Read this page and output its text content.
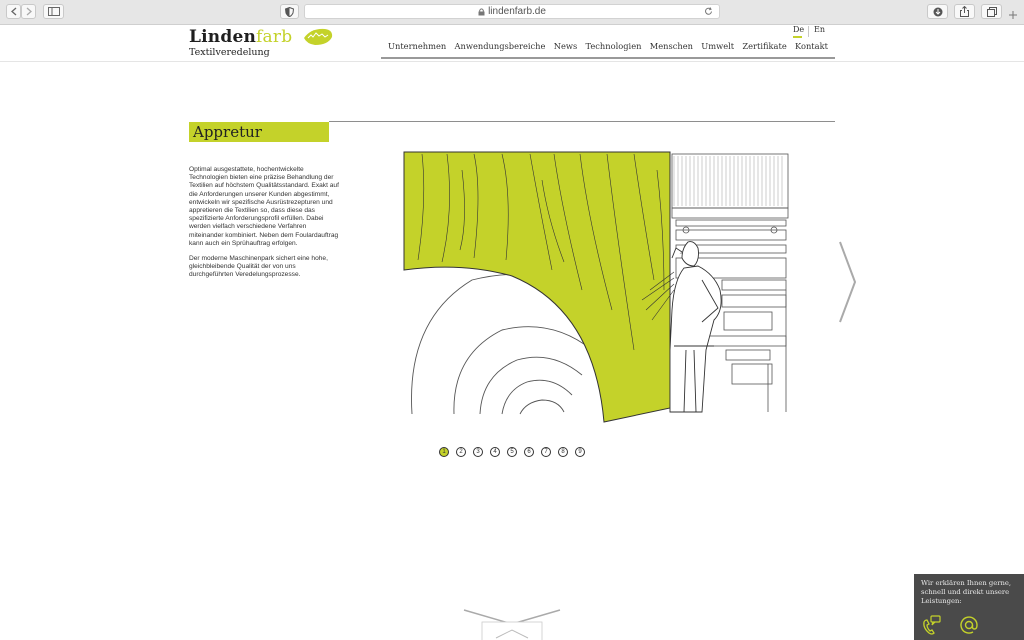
lindenfarb.de
Lindenfarb
Textilveredelung
De En
Unternehmen Anwendungsbereiche News Technologien Menschen Umwelt Zertifikate Kontakt
Appretur

Optimal ausgestattete, hochentwickelte Technologien bieten eine präzise Behandlung der Textilien auf höchstem Qualitätsstandard. Exakt auf die Anforderungen unserer Kunden abgestimmt, entwickeln wir spezifische Ausrüstrezepturen und appretieren die Textilien so, dass diese das spezifizierte Anforderungsprofil erfüllen. Dabei werden vielfach verschiedene Verfahren miteinander kombiniert. Neben dem Foulardauftrag kann auch ein Sprühauftrag erfolgen.

Der moderne Maschinenpark sichert eine hohe, gleichbleibende Qualität der von uns durchgeführten Veredelungsprozesse.

1	2	3	4	5	6	7	8	9
Wir erklären Ihnen gerne, schnell und direkt unsere Leistungen:
